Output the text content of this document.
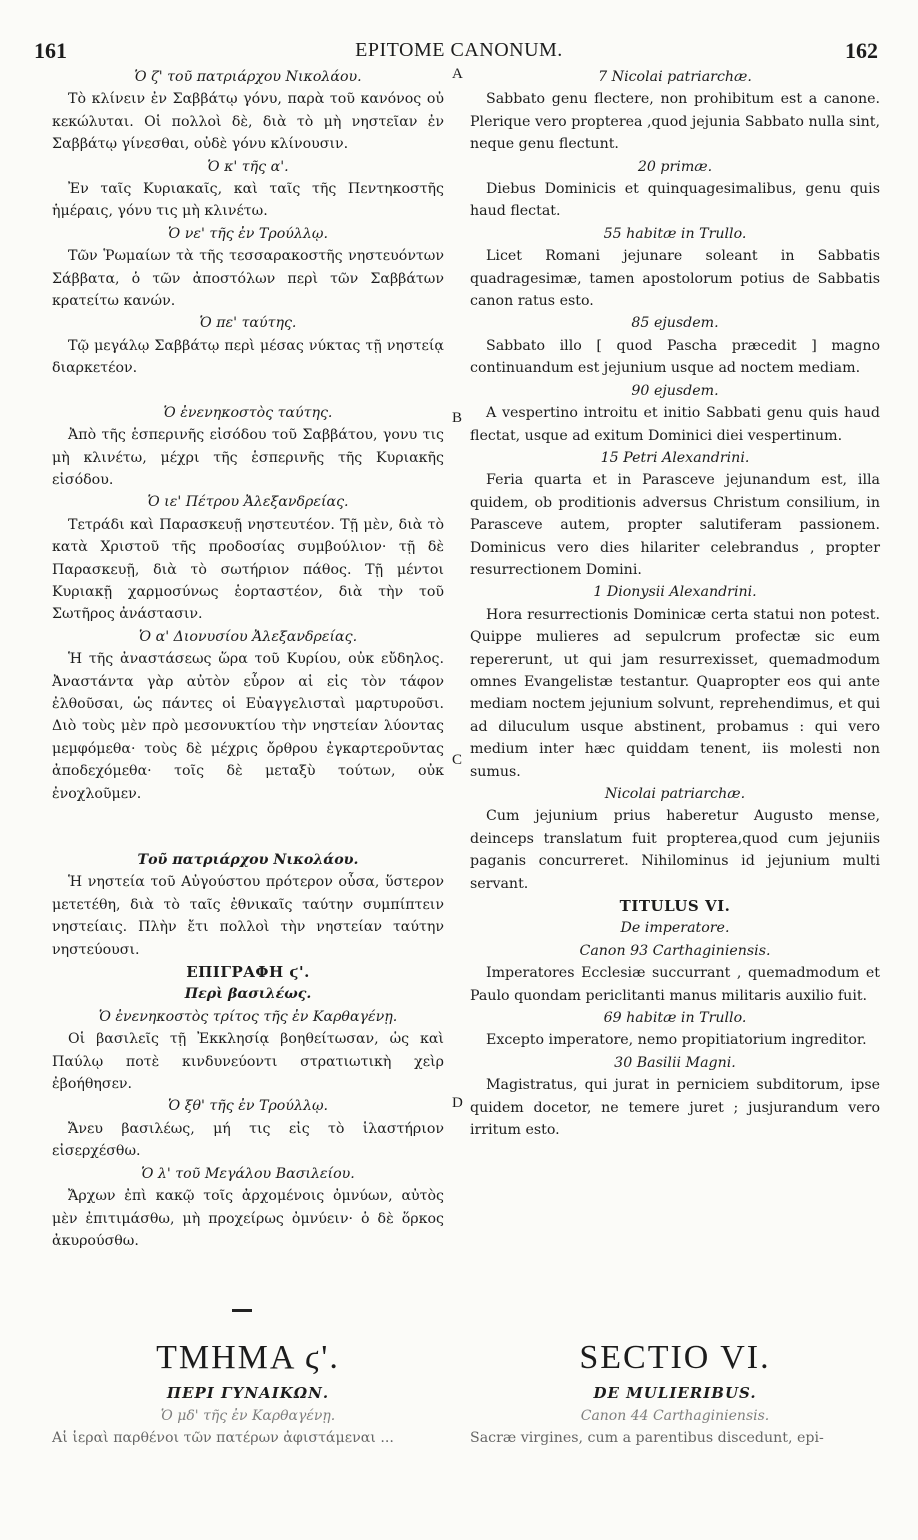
161	EPITOME CANONUM.	162
Ὁ ζ' τοῦ πατριάρχου Νικολάου.
Τὸ κλίνειν ἐν Σαββάτῳ γόνυ, παρὰ τοῦ κανόνος οὐ κεκώλυται. Οἱ πολλοὶ δὲ, διὰ τὸ μὴ νηστεῖαν ἐν Σαββάτῳ γίνεσθαι, οὐδὲ γόνυ κλίνουσιν.
Ὁ κ' τῆς α'.
Ἐν ταῖς Κυριακαῖς, καὶ ταῖς τῆς Πεντηκοστῆς ἡμέραις, γόνυ τις μὴ κλινέτω.
Ὁ νε' τῆς ἐν Τρούλλῳ.
Τῶν Ῥωμαίων τὰ τῆς τεσσαρακοστῆς νηστευόντων Σάββατα, ὁ τῶν ἀποστόλων περὶ τῶν Σαββάτων κρατείτω κανών.
Ὁ πε' ταύτης.
Τῷ μεγάλῳ Σαββάτῳ περὶ μέσας νύκτας τῇ νηστείᾳ διαρκετέον.
Ὁ ἐνενηκοστὸς ταύτης.
Ἀπὸ τῆς ἑσπερινῆς εἰσόδου τοῦ Σαββάτου, γονυ τις μὴ κλινέτω, μέχρι τῆς ἑσπερινῆς τῆς Κυριακῆς εἰσόδου.
Ὁ ιε' Πέτρου Ἀλεξανδρείας.
Τετράδι καὶ Παρασκευῇ νηστευτέον. Τῇ μὲν, διὰ τὸ κατὰ Χριστοῦ τῆς προδοσίας συμβούλιον· τῇ δὲ Παρασκευῇ, διὰ τὸ σωτήριον πάθος. Τῇ μέντοι Κυριακῇ χαρμοσύνως ἑορταστέον, διὰ τὴν τοῦ Σωτῆρος ἀνάστασιν.
Ὁ α' Διονυσίου Ἀλεξανδρείας.
Ἡ τῆς ἀναστάσεως ὥρα τοῦ Κυρίου, οὐκ εὔδηλος. Ἀναστάντα γὰρ αὐτὸν εὗρον αἱ εἰς τὸν τάφον ἐλθοῦσαι, ὡς πάντες οἱ Εὐαγγελισταὶ μαρτυροῦσι. Διὸ τοὺς μὲν πρὸ μεσονυκτίου τὴν νηστείαν λύοντας μεμφόμεθα· τοὺς δὲ μέχρις ὄρθρου ἐγκαρτεροῦντας ἀποδεχόμεθα· τοῖς δὲ μεταξὺ τούτων, οὐκ ἐνοχλοῦμεν.
Τοῦ πατριάρχου Νικολάου.
Ἡ νηστεία τοῦ Αὐγούστου πρότερον οὖσα, ὕστερον μετετέθη, διὰ τὸ ταῖς ἐθνικαῖς ταύτην συμπίπτειν νηστείαις. Πλὴν ἔτι πολλοὶ τὴν νηστείαν ταύτην νηστεύουσι.
ΕΠΙΓΡΑΦΗ ϛ'.
Περὶ βασιλέως.
Ὁ ἐνενηκοστὸς τρίτος τῆς ἐν Καρθαγένῃ.
Οἱ βασιλεῖς τῇ Ἐκκλησίᾳ βοηθείτωσαν, ὡς καὶ Παύλῳ ποτὲ κινδυνεύοντι στρατιωτικὴ χεὶρ ἐβοήθησεν.
Ὁ ξθ' τῆς ἐν Τρούλλῳ.
Ἄνευ βασιλέως, μή τις εἰς τὸ ἱλαστήριον εἰσερχέσθω.
Ὁ λ' τοῦ Μεγάλου Βασιλείου.
Ἄρχων ἐπὶ κακῷ τοῖς ἀρχομένοις ὀμνύων, αὐτὸς μὲν ἐπιτιμάσθω, μὴ προχείρως ὀμνύειν· ὁ δὲ ὅρκος ἀκυρούσθω.
7 Nicolai patriarchæ.
Sabbato genu flectere, non prohibitum est a canone. Plerique vero propterea ,quod jejunia Sabbato nulla sint, neque genu flectunt.
20 primæ.
Diebus Dominicis et quinquagesimalibus, genu quis haud flectat.
55 habitæ in Trullo.
Licet Romani jejunare soleant in Sabbatis quadragesimæ, tamen apostolorum potius de Sabbatis canon ratus esto.
85 ejusdem.
Sabbato illo [ quod Pascha præcedit ] magno continuandum est jejunium usque ad noctem mediam.
90 ejusdem.
A vespertino introitu et initio Sabbati genu quis haud flectat, usque ad exitum Dominici diei vespertinum.
15 Petri Alexandrini.
Feria quarta et in Parasceve jejunandum est, illa quidem, ob proditionis adversus Christum consilium, in Parasceve autem, propter salutiferam passionem. Dominicus vero dies hilariter celebrandus , propter resurrectionem Domini.
1 Dionysii Alexandrini.
Hora resurrectionis Dominicæ certa statui non potest. Quippe mulieres ad sepulcrum profectæ sic eum repererunt, ut qui jam resurrexisset, quemadmodum omnes Evangelistæ testantur. Quapropter eos qui ante mediam noctem jejunium solvunt, reprehendimus, et qui ad diluculum usque abstinent, probamus : qui vero medium inter hæc quiddam tenent, iis molesti non sumus.
Nicolai patriarchæ.
Cum jejunium prius haberetur Augusto mense, deinceps translatum fuit propterea,quod cum jejuniis paganis concurreret. Nihilominus id jejunium multi servant.
TITULUS VI.
De imperatore.
Canon 93 Carthaginiensis.
Imperatores Ecclesiæ succurrant , quemadmodum et Paulo quondam periclitanti manus militaris auxilio fuit.
69 habitæ in Trullo.
Excepto imperatore, nemo propitiatorium ingreditor.
30 Basilii Magni.
Magistratus, qui jurat in perniciem subditorum, ipse quidem docetor, ne temere juret ; jusjurandum vero irritum esto.
A
B
C
D
ΤΜΗΜΑ ϛ'.
ΠΕΡΙ ΓΥΝΑΙΚΩΝ.
Ὁ μδ' τῆς ἐν Καρθαγένῃ.
Αἱ ἱεραὶ παρθένοι τῶν πατέρων ἀφιστάμεναι ...
SECTIO VI.
DE MULIERIBUS.
Canon 44 Carthaginiensis.
Sacræ virgines, cum a parentibus discedunt, epi-
